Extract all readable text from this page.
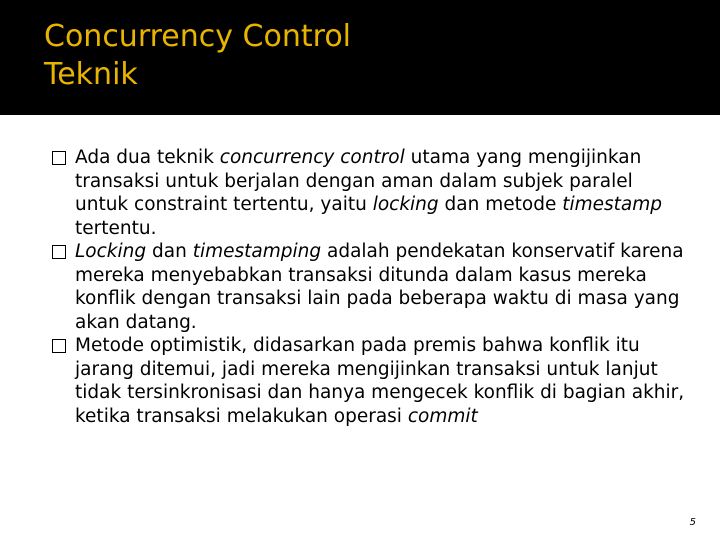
Concurrency Control
Teknik
Ada dua teknik concurrency control utama yang mengijinkan transaksi untuk berjalan dengan aman dalam subjek paralel untuk constraint tertentu, yaitu locking dan metode timestamp tertentu.
Locking dan timestamping adalah pendekatan konservatif karena mereka menyebabkan transaksi ditunda dalam kasus mereka konflik dengan transaksi lain pada beberapa waktu di masa yang akan datang.
Metode optimistik, didasarkan pada premis bahwa konflik itu jarang ditemui, jadi mereka mengijinkan transaksi untuk lanjut tidak tersinkronisasi dan hanya mengecek konflik di bagian akhir, ketika transaksi melakukan operasi commit
5
